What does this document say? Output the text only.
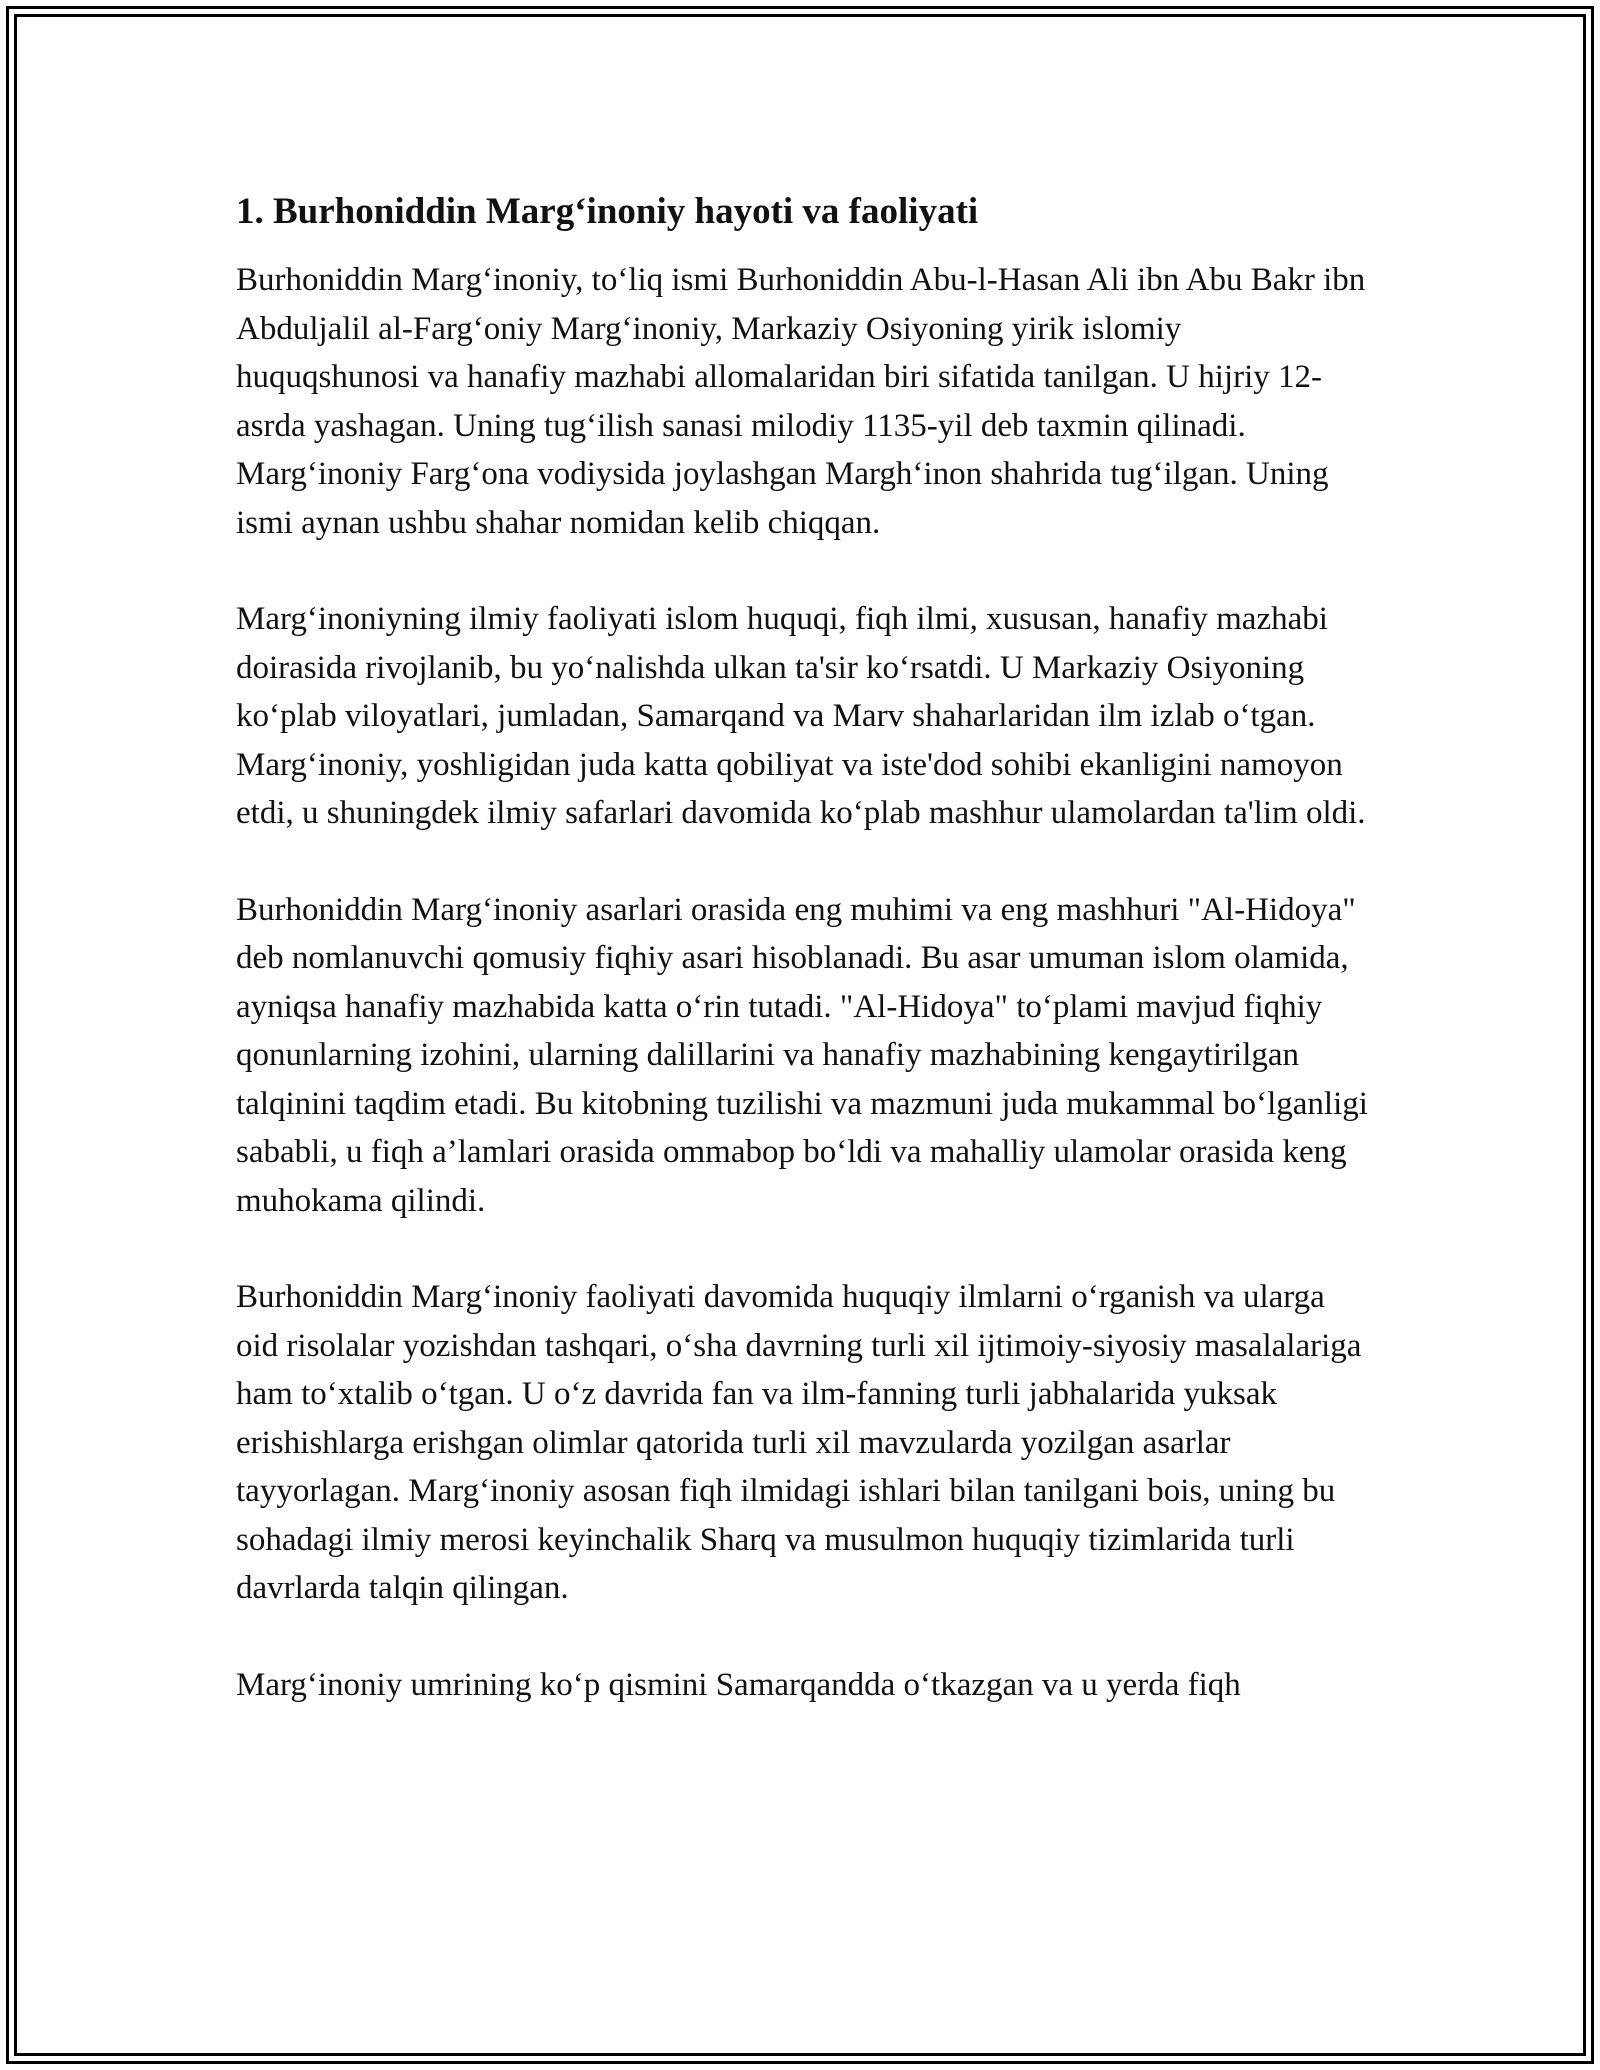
1. Burhoniddin Marg‘inoniy hayoti va faoliyati

Burhoniddin Marg‘inoniy, to‘liq ismi Burhoniddin Abu-l-Hasan Ali ibn Abu Bakr ibn Abduljalil al-Farg‘oniy Marg‘inoniy, Markaziy Osiyoning yirik islomiy huquqshunosi va hanafiy mazhabi allomalaridan biri sifatida tanilgan. U hijriy 12-asrda yashagan. Uning tug‘ilish sanasi milodiy 1135-yil deb taxmin qilinadi. Marg‘inoniy Farg‘ona vodiysida joylashgan Margh‘inon shahrida tug‘ilgan. Uning ismi aynan ushbu shahar nomidan kelib chiqqan.

Marg‘inoniyning ilmiy faoliyati islom huquqi, fiqh ilmi, xususan, hanafiy mazhabi doirasida rivojlanib, bu yo‘nalishda ulkan ta'sir ko‘rsatdi. U Markaziy Osiyoning ko‘plab viloyatlari, jumladan, Samarqand va Marv shaharlaridan ilm izlab o‘tgan. Marg‘inoniy, yoshligidan juda katta qobiliyat va iste'dod sohibi ekanligini namoyon etdi, u shuningdek ilmiy safarlari davomida ko‘plab mashhur ulamolardan ta'lim oldi.

Burhoniddin Marg‘inoniy asarlari orasida eng muhimi va eng mashhuri "Al-Hidoya" deb nomlanuvchi qomusiy fiqhiy asari hisoblanadi. Bu asar umuman islom olamida, ayniqsa hanafiy mazhabida katta o‘rin tutadi. "Al-Hidoya" to‘plami mavjud fiqhiy qonunlarning izohini, ularning dalillarini va hanafiy mazhabining kengaytirilgan talqinini taqdim etadi. Bu kitobning tuzilishi va mazmuni juda mukammal bo‘lganligi sababli, u fiqh a’lamlari orasida ommabop bo‘ldi va mahalliy ulamolar orasida keng muhokama qilindi.

Burhoniddin Marg‘inoniy faoliyati davomida huquqiy ilmlarni o‘rganish va ularga oid risolalar yozishdan tashqari, o‘sha davrning turli xil ijtimoiy-siyosiy masalalariga ham to‘xtalib o‘tgan. U o‘z davrida fan va ilm-fanning turli jabhalarida yuksak erishishlarga erishgan olimlar qatorida turli xil mavzularda yozilgan asarlar tayyorlagan. Marg‘inoniy asosan fiqh ilmidagi ishlari bilan tanilgani bois, uning bu sohadagi ilmiy merosi keyinchalik Sharq va musulmon huquqiy tizimlarida turli davrlarda talqin qilingan.

Marg‘inoniy umrining ko‘p qismini Samarqandda o‘tkazgan va u yerda fiqh
